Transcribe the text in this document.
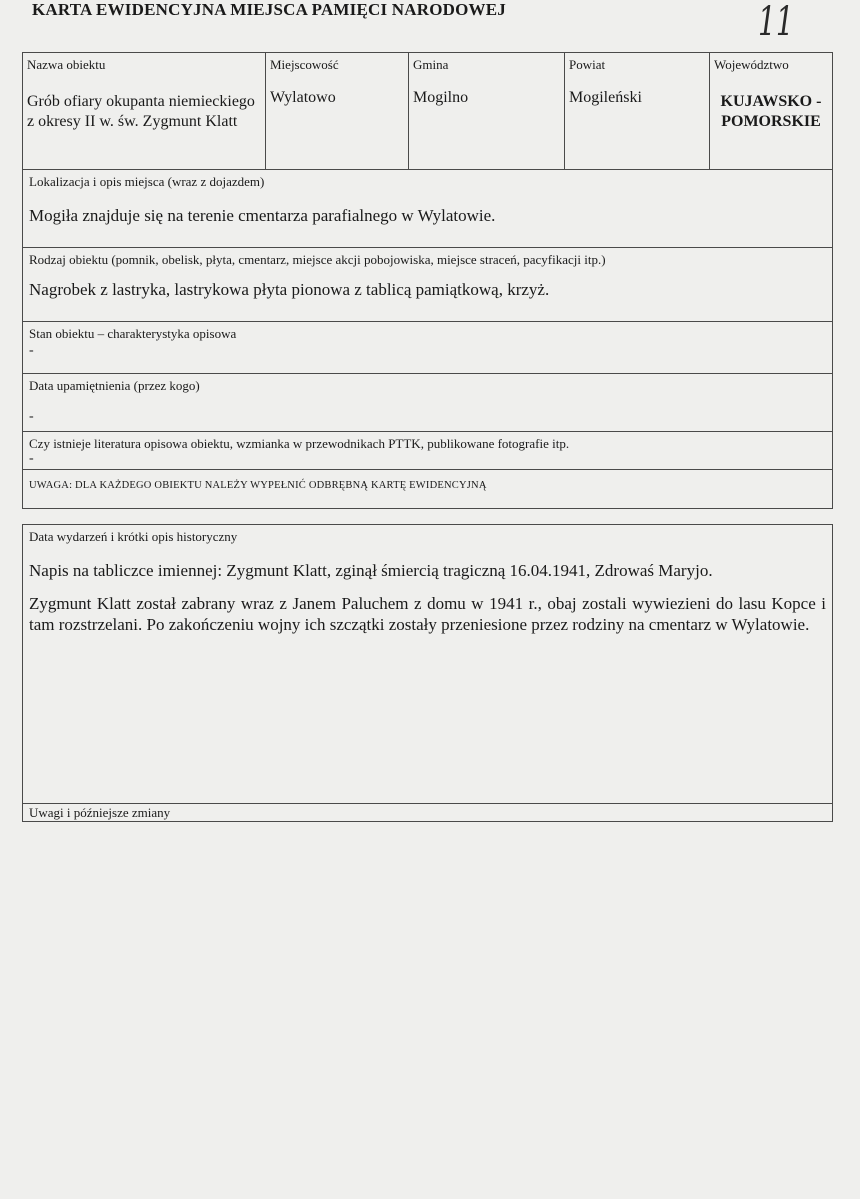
KARTA EWIDENCYJNA MIEJSCA PAMIĘCI NARODOWEJ	11
Nazwa obiektu
Grób ofiary okupanta niemieckiego z okresy II w. św. Zygmunt Klatt
Miejscowość
Wylatowo
Gmina
Mogilno
Powiat
Mogileński
Województwo
KUJAWSKO - POMORSKIE
Lokalizacja i opis miejsca (wraz z dojazdem)
Mogiła znajduje się na terenie cmentarza parafialnego w Wylatowie.
Rodzaj obiektu (pomnik, obelisk, płyta, cmentarz, miejsce akcji pobojowiska, miejsce straceń, pacyfikacji itp.)
Nagrobek z lastryka, lastrykowa płyta pionowa z tablicą pamiątkową, krzyż.
Stan obiektu – charakterystyka opisowa
-
Data upamiętnienia (przez kogo)
-
Czy istnieje literatura opisowa obiektu, wzmianka w przewodnikach PTTK, publikowane fotografie itp.
-
UWAGA: DLA KAŻDEGO OBIEKTU NALEŻY WYPEŁNIĆ ODBRĘBNĄ KARTĘ EWIDENCYJNĄ
Data wydarzeń i krótki opis historyczny
Napis na tabliczce imiennej: Zygmunt Klatt, zginął śmiercią tragiczną 16.04.1941, Zdrowaś Maryjo.
Zygmunt Klatt został zabrany wraz z Janem Paluchem z domu w 1941 r., obaj zostali wywiezieni do lasu Kopce i tam rozstrzelani. Po zakończeniu wojny ich szczątki zostały przeniesione przez rodziny na cmentarz w Wylatowie.
Uwagi i późniejsze zmiany
